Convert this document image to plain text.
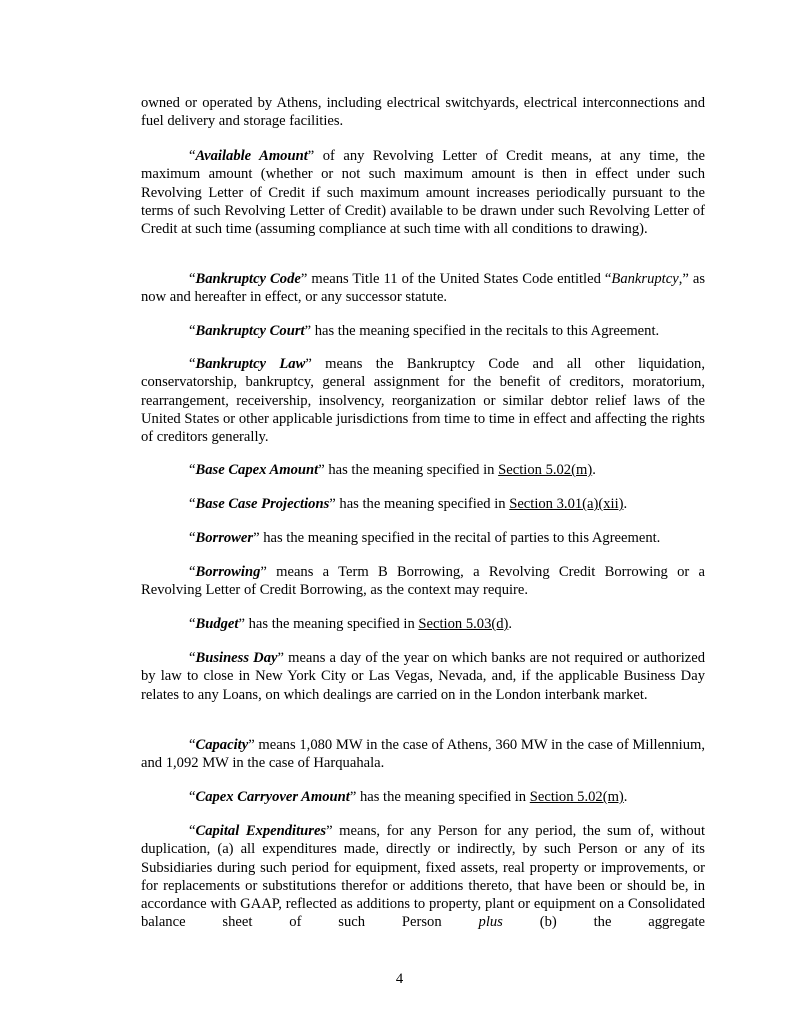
owned or operated by Athens, including electrical switchyards, electrical interconnections and fuel delivery and storage facilities.

“Available Amount” of any Revolving Letter of Credit means, at any time, the maximum amount (whether or not such maximum amount is then in effect under such Revolving Letter of Credit if such maximum amount increases periodically pursuant to the terms of such Revolving Letter of Credit) available to be drawn under such Revolving Letter of Credit at such time (assuming compliance at such time with all conditions to drawing).

“Bankruptcy Code” means Title 11 of the United States Code entitled “Bankruptcy,” as now and hereafter in effect, or any successor statute.

“Bankruptcy Court” has the meaning specified in the recitals to this Agreement.

“Bankruptcy Law” means the Bankruptcy Code and all other liquidation, conservatorship, bankruptcy, general assignment for the benefit of creditors, moratorium, rearrangement, receivership, insolvency, reorganization or similar debtor relief laws of the United States or other applicable jurisdictions from time to time in effect and affecting the rights of creditors generally.

“Base Capex Amount” has the meaning specified in Section 5.02(m).

“Base Case Projections” has the meaning specified in Section 3.01(a)(xii).

“Borrower” has the meaning specified in the recital of parties to this Agreement.

“Borrowing” means a Term B Borrowing, a Revolving Credit Borrowing or a Revolving Letter of Credit Borrowing, as the context may require.

“Budget” has the meaning specified in Section 5.03(d).

“Business Day” means a day of the year on which banks are not required or authorized by law to close in New York City or Las Vegas, Nevada, and, if the applicable Business Day relates to any Loans, on which dealings are carried on in the London interbank market.

“Capacity” means 1,080 MW in the case of Athens, 360 MW in the case of Millennium, and 1,092 MW in the case of Harquahala.

“Capex Carryover Amount” has the meaning specified in Section 5.02(m).

“Capital Expenditures” means, for any Person for any period, the sum of, without duplication, (a) all expenditures made, directly or indirectly, by such Person or any of its Subsidiaries during such period for equipment, fixed assets, real property or improvements, or for replacements or substitutions therefor or additions thereto, that have been or should be, in accordance with GAAP, reflected as additions to property, plant or equipment on a Consolidated balance sheet of such Person plus (b) the aggregate

4
